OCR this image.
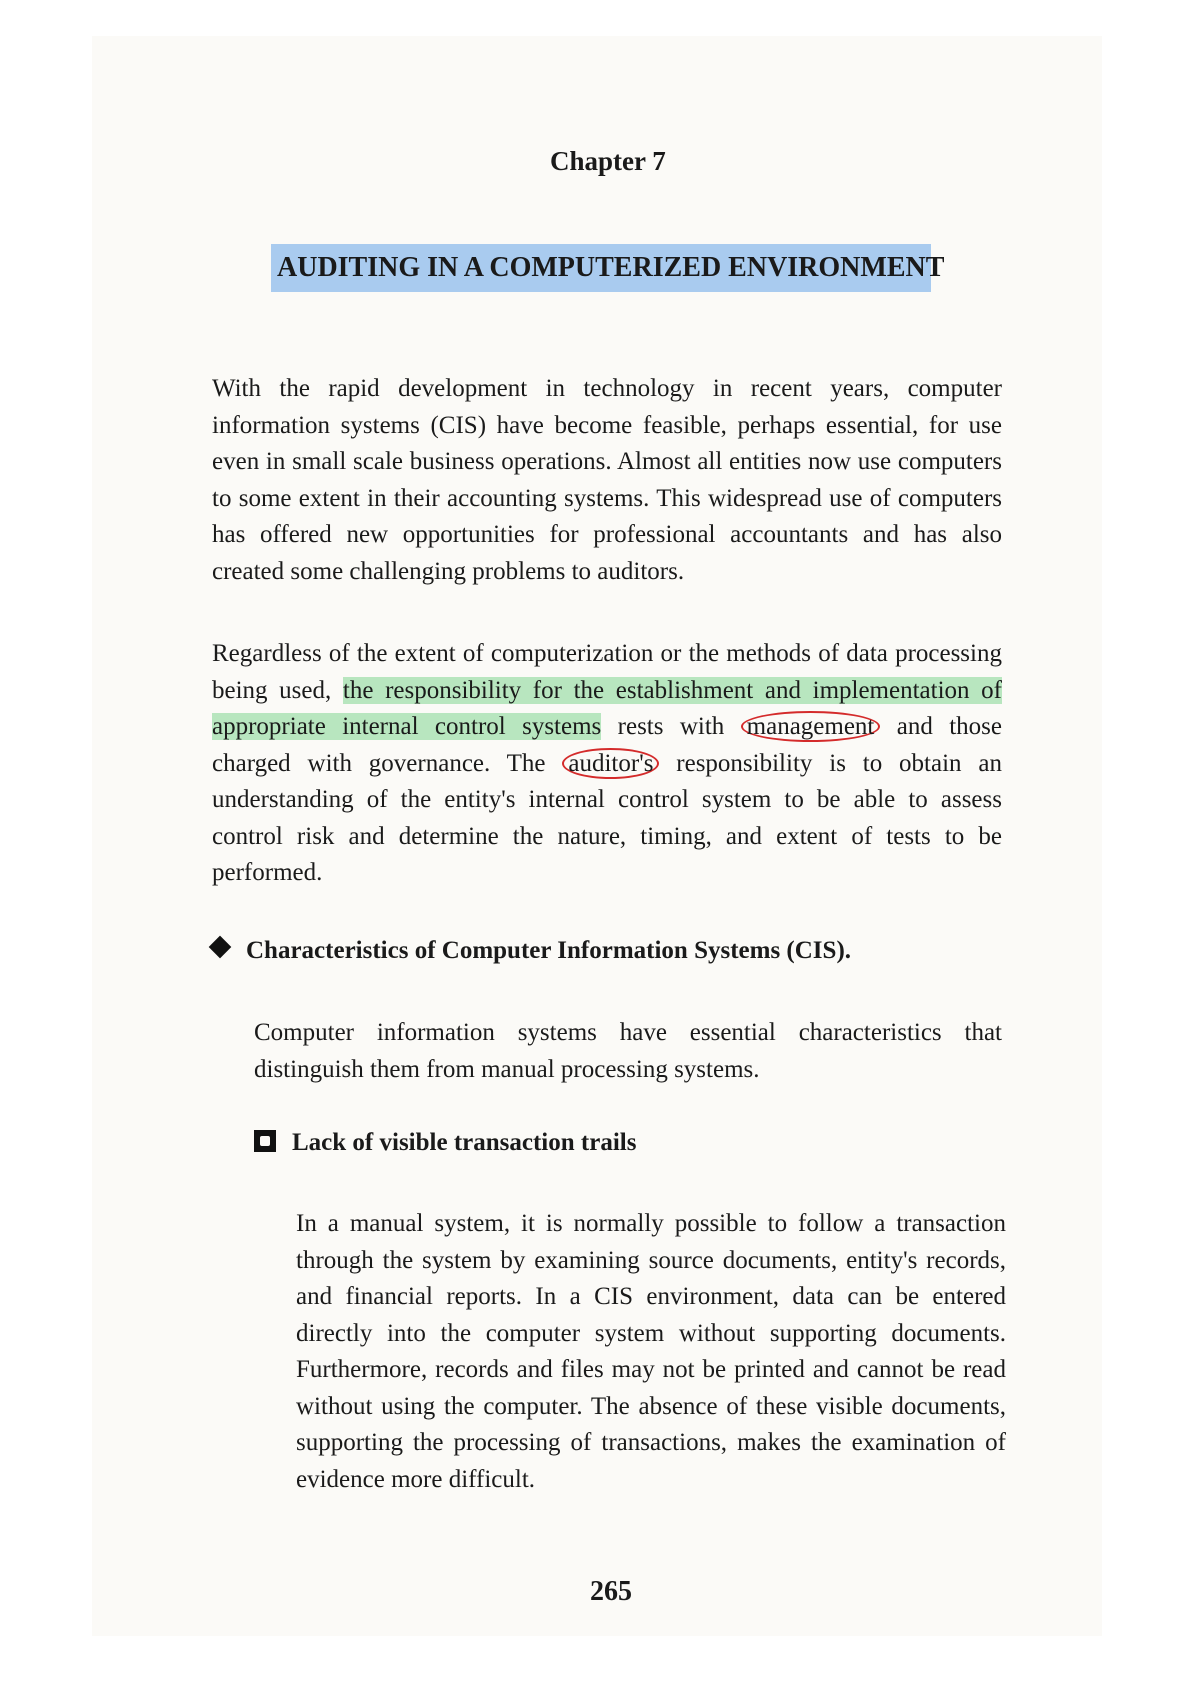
Chapter 7
AUDITING IN A COMPUTERIZED ENVIRONMENT

With the rapid development in technology in recent years, computer information systems (CIS) have become feasible, perhaps essential, for use even in small scale business operations. Almost all entities now use computers to some extent in their accounting systems. This widespread use of computers has offered new opportunities for professional accountants and has also created some challenging problems to auditors.

Regardless of the extent of computerization or the methods of data processing being used, the responsibility for the establishment and implementation of appropriate internal control systems rests with management and those charged with governance. The auditor's responsibility is to obtain an understanding of the entity's internal control system to be able to assess control risk and determine the nature, timing, and extent of tests to be performed.

Characteristics of Computer Information Systems (CIS).

Computer information systems have essential characteristics that distinguish them from manual processing systems.

Lack of visible transaction trails

In a manual system, it is normally possible to follow a transaction through the system by examining source documents, entity's records, and financial reports. In a CIS environment, data can be entered directly into the computer system without supporting documents. Furthermore, records and files may not be printed and cannot be read without using the computer. The absence of these visible documents, supporting the processing of transactions, makes the examination of evidence more difficult.

265
